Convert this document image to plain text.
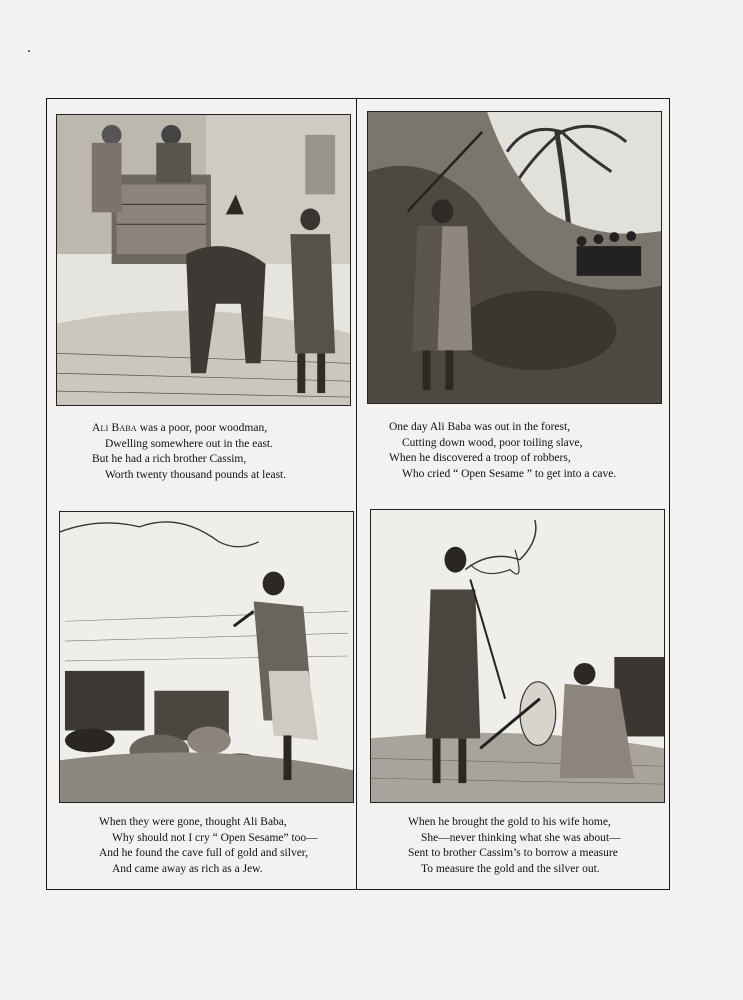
Ali Baba was a poor, poor woodman,
Dwelling somewhere out in the east.
But he had a rich brother Cassim,
Worth twenty thousand pounds at least.
One day Ali Baba was out in the forest,
Cutting down wood, poor toiling slave,
When he discovered a troop of robbers,
Who cried “ Open Sesame ” to get into a cave.
When they were gone, thought Ali Baba,
Why should not I cry “ Open Sesame” too—
And he found the cave full of gold and silver,
And came away as rich as a Jew.
When he brought the gold to his wife home,
She—never thinking what she was about—
Sent to brother Cassim’s to borrow a measure
To measure the gold and the silver out.
